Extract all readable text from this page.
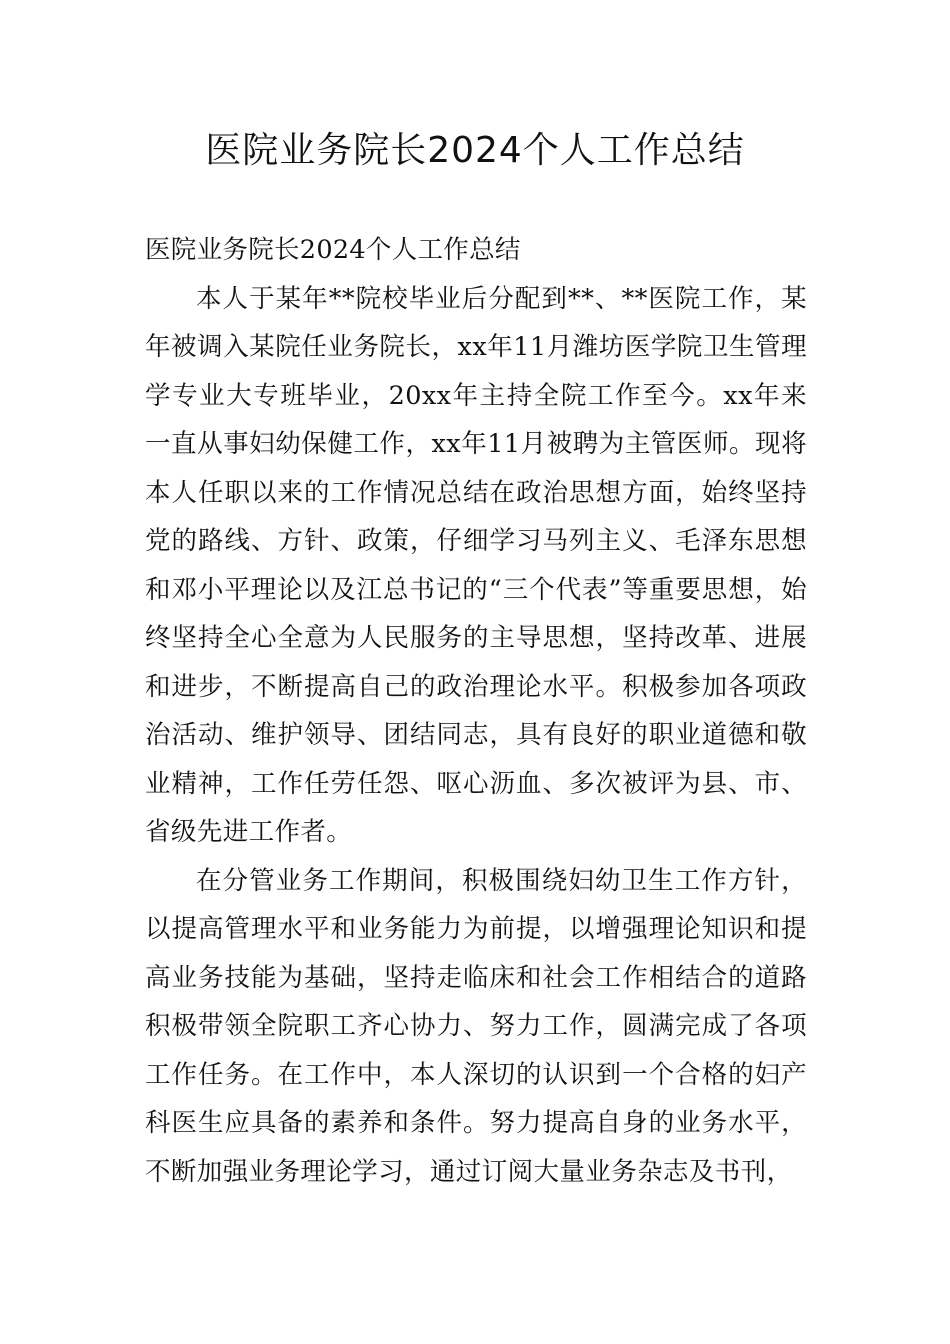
医院业务院长2024个人工作总结

医院业务院长2024个人工作总结

本人于某年**院校毕业后分配到**、**医院工作，某年被调入某院任业务院长，xx年11月潍坊医学院卫生管理学专业大专班毕业，20xx年主持全院工作至今。xx年来一直从事妇幼保健工作，xx年11月被聘为主管医师。现将本人任职以来的工作情况总结在政治思想方面，始终坚持党的路线、方针、政策，仔细学习马列主义、毛泽东思想和邓小平理论以及江总书记的“三个代表”等重要思想，始终坚持全心全意为人民服务的主导思想，坚持改革、进展和进步，不断提高自己的政治理论水平。积极参加各项政治活动、维护领导、团结同志，具有良好的职业道德和敬业精神，工作任劳任怨、呕心沥血、多次被评为县、市、省级先进工作者。

在分管业务工作期间，积极围绕妇幼卫生工作方针，以提高管理水平和业务能力为前提，以增强理论知识和提高业务技能为基础，坚持走临床和社会工作相结合的道路积极带领全院职工齐心协力、努力工作，圆满完成了各项工作任务。在工作中，本人深切的认识到一个合格的妇产科医生应具备的素养和条件。努力提高自身的业务水平，不断加强业务理论学习，通过订阅大量业务杂志及书刊，
